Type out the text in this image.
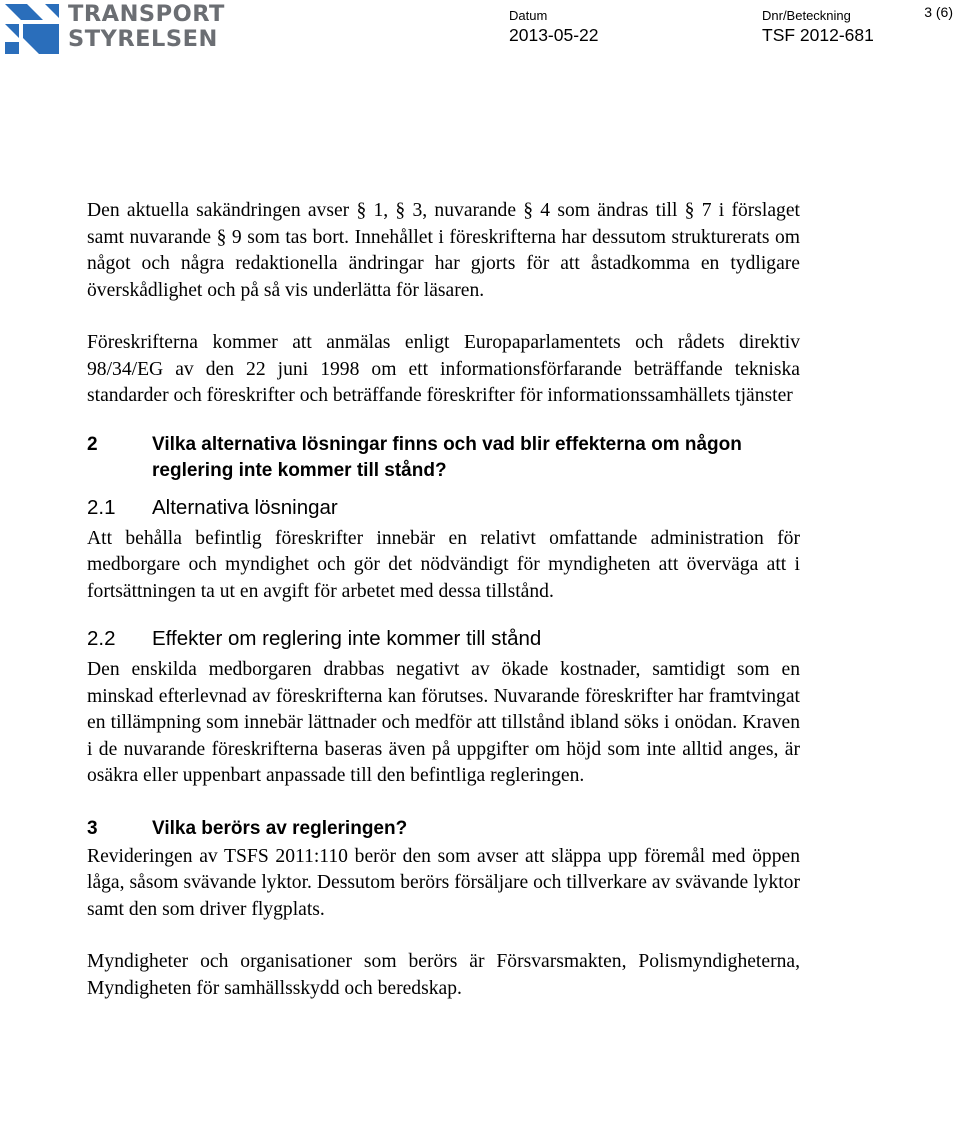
TRANSPORT
STYRELSEN
Datum
2013-05-22
Dnr/Beteckning
TSF 2012-681
3 (6)

Den aktuella sakändringen avser § 1, § 3, nuvarande § 4 som ändras till § 7 i förslaget samt nuvarande § 9 som tas bort. Innehållet i föreskrifterna har dessutom strukturerats om något och några redaktionella ändringar har gjorts för att åstadkomma en tydligare överskådlighet och på så vis underlätta för läsaren.

Föreskrifterna kommer att anmälas enligt Europaparlamentets och rådets direktiv 98/34/EG av den 22 juni 1998 om ett informationsförfarande beträffande tekniska standarder och föreskrifter och beträffande föreskrifter för informationssamhällets tjänster

2	Vilka alternativa lösningar finns och vad blir effekterna om någon reglering inte kommer till stånd?
2.1 Alternativa lösningar

Att behålla befintlig föreskrifter innebär en relativt omfattande administration för medborgare och myndighet och gör det nödvändigt för myndigheten att överväga att i fortsättningen ta ut en avgift för arbetet med dessa tillstånd.

2.2 Effekter om reglering inte kommer till stånd

Den enskilda medborgaren drabbas negativt av ökade kostnader, samtidigt som en minskad efterlevnad av föreskrifterna kan förutses. Nuvarande föreskrifter har framtvingat en tillämpning som innebär lättnader och medför att tillstånd ibland söks i onödan. Kraven i de nuvarande föreskrifterna baseras även på uppgifter om höjd som inte alltid anges, är osäkra eller uppenbart anpassade till den befintliga regleringen.

3	Vilka berörs av regleringen?

Revideringen av TSFS 2011:110 berör den som avser att släppa upp föremål med öppen låga, såsom svävande lyktor. Dessutom berörs försäljare och tillverkare av svävande lyktor samt den som driver flygplats.

Myndigheter och organisationer som berörs är Försvarsmakten, Polismyndigheterna, Myndigheten för samhällsskydd och beredskap.
